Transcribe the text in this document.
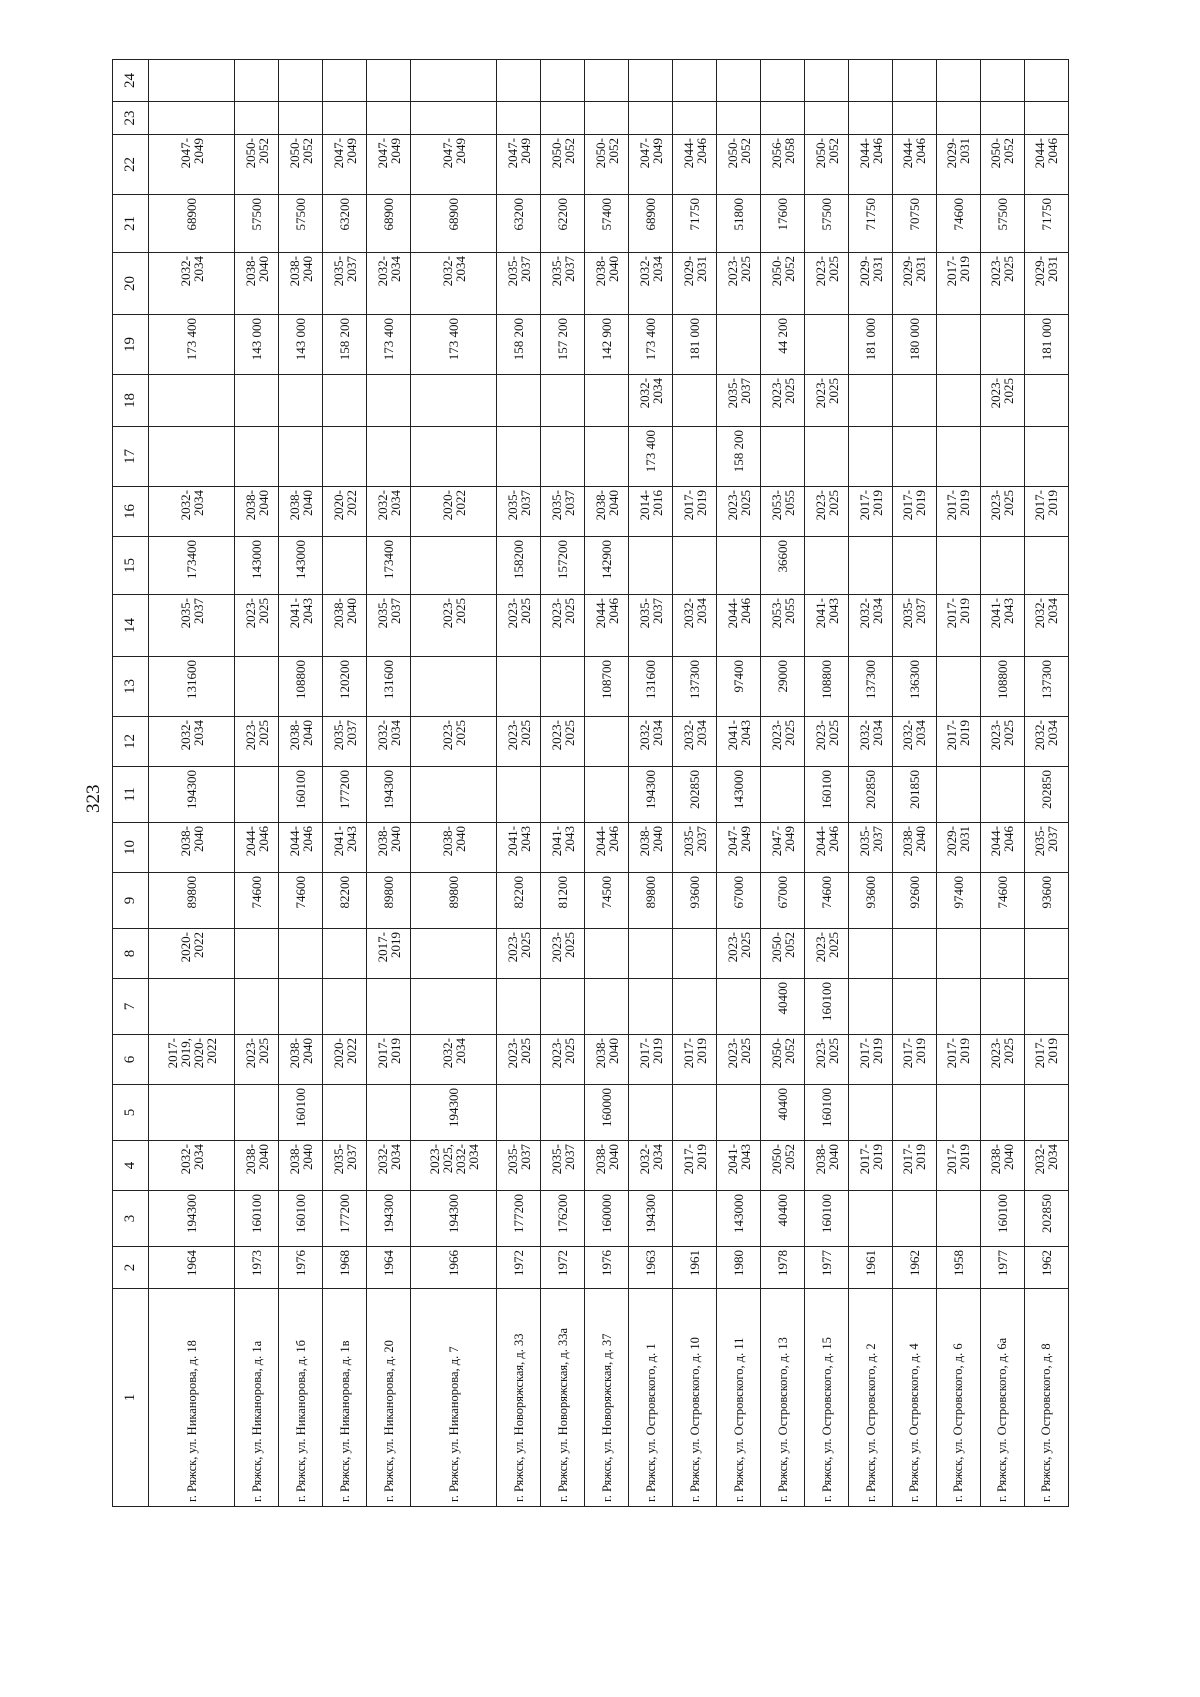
323
1	2	3	4	5	6	7	8	9	10	11	12	13	14	15	16	17	18	19	20	21	22	23	24
г. Ряжск, ул. Никанорова, д. 18	1964	194300	2032-
2034		2017-
2019,
2020-
2022		2020-
2022	89800	2038-
2040	194300	2032-
2034	131600	2035-
2037	173400	2032-
2034			173 400	2032-
2034	68900	2047-
2049		

г. Ряжск, ул. Никанорова, д. 1а	1973	160100	2038-
2040		2023-
2025			74600	2044-
2046		2023-
2025		2023-
2025	143000	2038-
2040			143 000	2038-
2040	57500	2050-
2052		

г. Ряжск, ул. Никанорова, д. 1б	1976	160100	2038-
2040	160100	2038-
2040			74600	2044-
2046	160100	2038-
2040	108800	2041-
2043	143000	2038-
2040			143 000	2038-
2040	57500	2050-
2052		

г. Ряжск, ул. Никанорова, д. 1в	1968	177200	2035-
2037		2020-
2022			82200	2041-
2043	177200	2035-
2037	120200	2038-
2040		2020-
2022			158 200	2035-
2037	63200	2047-
2049		

г. Ряжск, ул. Никанорова, д. 20	1964	194300	2032-
2034		2017-
2019		2017-
2019	89800	2038-
2040	194300	2032-
2034	131600	2035-
2037	173400	2032-
2034			173 400	2032-
2034	68900	2047-
2049		

г. Ряжск, ул. Никанорова, д. 7	1966	194300	2023-
2025,
2032-
2034	194300	2032-
2034			89800	2038-
2040		2023-
2025		2023-
2025		2020-
2022			173 400	2032-
2034	68900	2047-
2049		

г. Ряжск, ул. Новоряжская, д. 33	1972	177200	2035-
2037		2023-
2025		2023-
2025	82200	2041-
2043		2023-
2025		2023-
2025	158200	2035-
2037			158 200	2035-
2037	63200	2047-
2049		

г. Ряжск, ул. Новоряжская, д. 33а	1972	176200	2035-
2037		2023-
2025		2023-
2025	81200	2041-
2043		2023-
2025		2023-
2025	157200	2035-
2037			157 200	2035-
2037	62200	2050-
2052		

г. Ряжск, ул. Новоряжская, д. 37	1976	160000	2038-
2040	160000	2038-
2040			74500	2044-
2046			108700	2044-
2046	142900	2038-
2040			142 900	2038-
2040	57400	2050-
2052		

г. Ряжск, ул. Островского, д. 1	1963	194300	2032-
2034		2017-
2019			89800	2038-
2040	194300	2032-
2034	131600	2035-
2037		2014-
2016	173 400	2032-
2034	173 400	2032-
2034	68900	2047-
2049		

г. Ряжск, ул. Островского, д. 10	1961		2017-
2019		2017-
2019			93600	2035-
2037	202850	2032-
2034	137300	2032-
2034		2017-
2019			181 000	2029-
2031	71750	2044-
2046		

г. Ряжск, ул. Островского, д. 11	1980	143000	2041-
2043		2023-
2025		2023-
2025	67000	2047-
2049	143000	2041-
2043	97400	2044-
2046		2023-
2025	158 200	2035-
2037		2023-
2025	51800	2050-
2052		

г. Ряжск, ул. Островского, д. 13	1978	40400	2050-
2052	40400	2050-
2052	40400	2050-
2052	67000	2047-
2049		2023-
2025	29000	2053-
2055	36600	2053-
2055		2023-
2025	44 200	2050-
2052	17600	2056-
2058		

г. Ряжск, ул. Островского, д. 15	1977	160100	2038-
2040	160100	2023-
2025	160100	2023-
2025	74600	2044-
2046	160100	2023-
2025	108800	2041-
2043		2023-
2025		2023-
2025		2023-
2025	57500	2050-
2052		

г. Ряжск, ул. Островского, д. 2	1961		2017-
2019		2017-
2019			93600	2035-
2037	202850	2032-
2034	137300	2032-
2034		2017-
2019			181 000	2029-
2031	71750	2044-
2046		

г. Ряжск, ул. Островского, д. 4	1962		2017-
2019		2017-
2019			92600	2038-
2040	201850	2032-
2034	136300	2035-
2037		2017-
2019			180 000	2029-
2031	70750	2044-
2046		

г. Ряжск, ул. Островского, д. 6	1958		2017-
2019		2017-
2019			97400	2029-
2031		2017-
2019		2017-
2019		2017-
2019				2017-
2019	74600	2029-
2031		

г. Ряжск, ул. Островского, д. 6а	1977	160100	2038-
2040		2023-
2025			74600	2044-
2046		2023-
2025	108800	2041-
2043		2023-
2025		2023-
2025		2023-
2025	57500	2050-
2052		

г. Ряжск, ул. Островского, д. 8	1962	202850	2032-
2034		2017-
2019			93600	2035-
2037	202850	2032-
2034	137300	2032-
2034		2017-
2019			181 000	2029-
2031	71750	2044-
2046		
